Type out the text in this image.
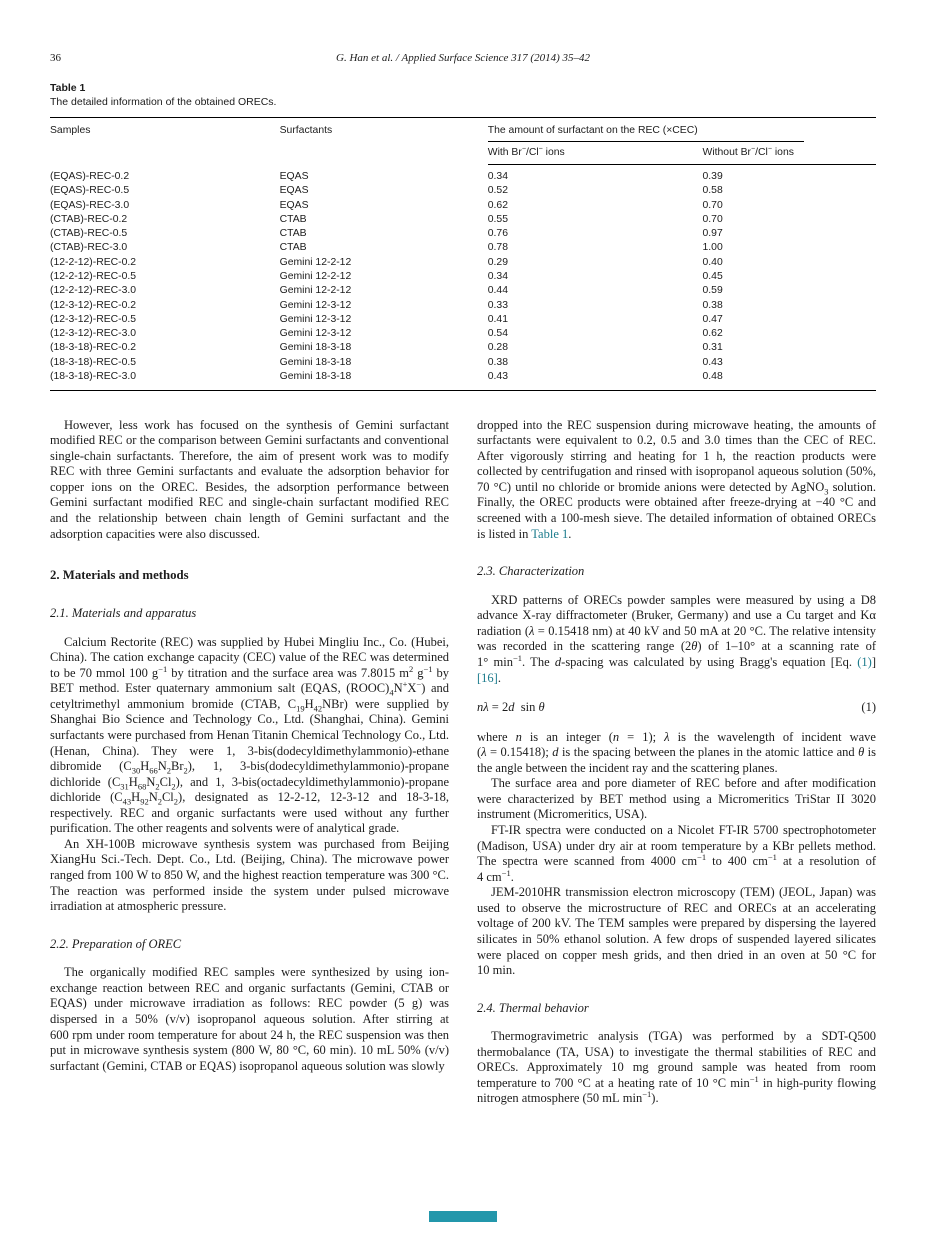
36	G. Han et al. / Applied Surface Science 317 (2014) 35–42
Table 1
The detailed information of the obtained ORECs.
Samples	Surfactants	The amount of surfactant on the REC (×CEC)	

		With Br−/Cl− ions	Without Br−/Cl− ions
(EQAS)-REC-0.2	EQAS	0.34	0.39
(EQAS)-REC-0.5	EQAS	0.52	0.58
(EQAS)-REC-3.0	EQAS	0.62	0.70
(CTAB)-REC-0.2	CTAB	0.55	0.70
(CTAB)-REC-0.5	CTAB	0.76	0.97
(CTAB)-REC-3.0	CTAB	0.78	1.00
(12-2-12)-REC-0.2	Gemini 12-2-12	0.29	0.40
(12-2-12)-REC-0.5	Gemini 12-2-12	0.34	0.45
(12-2-12)-REC-3.0	Gemini 12-2-12	0.44	0.59
(12-3-12)-REC-0.2	Gemini 12-3-12	0.33	0.38
(12-3-12)-REC-0.5	Gemini 12-3-12	0.41	0.47
(12-3-12)-REC-3.0	Gemini 12-3-12	0.54	0.62
(18-3-18)-REC-0.2	Gemini 18-3-18	0.28	0.31
(18-3-18)-REC-0.5	Gemini 18-3-18	0.38	0.43
(18-3-18)-REC-3.0	Gemini 18-3-18	0.43	0.48

However, less work has focused on the synthesis of Gemini surfactant modified REC or the comparison between Gemini surfactants and conventional single-chain surfactants. Therefore, the aim of present work was to modify REC with three Gemini surfactants and evaluate the adsorption behavior for copper ions on the OREC. Besides, the adsorption performance between Gemini surfactant modified REC and single-chain surfactant modified REC and the relationship between chain length of Gemini surfactant and the adsorption capacities were also discussed.

2. Materials and methods
2.1. Materials and apparatus

Calcium Rectorite (REC) was supplied by Hubei Mingliu Inc., Co. (Hubei, China). The cation exchange capacity (CEC) value of the REC was determined to be 70 mmol 100 $g^{-1}$ by titration and the surface area was 7.8015 $m^2$ $g^{-1}$ by BET method. Ester quaternary ammonium salt (EQAS, $(ROOC)_4N^+X^-$) and cetyltrimethyl ammonium bromide (CTAB, $C_{19}H_{42}NBr$) were supplied by Shanghai Bio Science and Technology Co., Ltd. (Shanghai, China). Gemini surfactants were purchased from Henan Titanin Chemical Technology Co., Ltd. (Henan, China). They were 1, 3-bis(dodecyldimethylammonio)-ethane dibromide $(C_{30}H_{66}N_2Br_2)$, 1, 3-bis(dodecyldimethylammonio)-propane dichloride $(C_{31}H_{68}N_2Cl_2)$, and 1, 3-bis(octadecyldimethylammonio)-propane dichloride $(C_{43}H_{92}N_2Cl_2)$, designated as 12-2-12, 12-3-12 and 18-3-18, respectively. REC and organic surfactants were used without any further purification. The other reagents and solvents were of analytical grade.

An XH-100B microwave synthesis system was purchased from Beijing XiangHu Sci.-Tech. Dept. Co., Ltd. (Beijing, China). The microwave power ranged from 100 W to 850 W, and the highest reaction temperature was 300 °C. The reaction was performed inside the system under pulsed microwave irradiation at atmospheric pressure.

2.2. Preparation of OREC

The organically modified REC samples were synthesized by using ion-exchange reaction between REC and organic surfactants (Gemini, CTAB or EQAS) under microwave irradiation as follows: REC powder (5 g) was dispersed in a 50% (v/v) isopropanol aqueous solution. After stirring at 600 rpm under room temperature for about 24 h, the REC suspension was then put in microwave synthesis system (800 W, 80 °C, 60 min). 10 mL 50% (v/v) surfactant (Gemini, CTAB or EQAS) isopropanol aqueous solution was slowly

dropped into the REC suspension during microwave heating, the amounts of surfactants were equivalent to 0.2, 0.5 and 3.0 times than the CEC of REC. After vigorously stirring and heating for 1 h, the reaction products were collected by centrifugation and rinsed with isopropanol aqueous solution (50%, 70 °C) until no chloride or bromide anions were detected by AgNO$_3$ solution. Finally, the OREC products were obtained after freeze-drying at −40 °C and screened with a 100-mesh sieve. The detailed information of obtained ORECs is listed in Table 1.

2.3. Characterization

XRD patterns of ORECs powder samples were measured by using a D8 advance X-ray diffractometer (Bruker, Germany) and use a Cu target and Kα radiation (λ = 0.15418 nm) at 40 kV and 50 mA at 20 °C. The relative intensity was recorded in the scattering range (2θ) of 1–10° at a scanning rate of 1° $\min^{-1}$. The d-spacing was calculated by using Bragg's equation [Eq. (1)][16].

nλ = 2d  sin θ	(1)

where n is an integer (n = 1); λ is the wavelength of incident wave (λ = 0.15418); d is the spacing between the planes in the atomic lattice and θ is the angle between the incident ray and the scattering planes.

The surface area and pore diameter of REC before and after modification were characterized by BET method using a Micromeritics TriStar II 3020 instrument (Micromeritics, USA).

FT-IR spectra were conducted on a Nicolet FT-IR 5700 spectrophotometer (Madison, USA) under dry air at room temperature by a KBr pellets method. The spectra were scanned from 4000 $cm^{-1}$ to 400 $cm^{-1}$ at a resolution of 4 $cm^{-1}$.

JEM-2010HR transmission electron microscopy (TEM) (JEOL, Japan) was used to observe the microstructure of REC and ORECs at an accelerating voltage of 200 kV. The TEM samples were prepared by dispersing the layered silicates in 50% ethanol solution. A few drops of suspended layered silicates were placed on copper mesh grids, and then dried in an oven at 50 °C for 10 min.

2.4. Thermal behavior

Thermogravimetric analysis (TGA) was performed by a SDT-Q500 thermobalance (TA, USA) to investigate the thermal stabilities of REC and ORECs. Approximately 10 mg ground sample was heated from room temperature to 700 °C at a heating rate of 10 °C $\min^{-1}$ in high-purity flowing nitrogen atmosphere (50 mL $\min^{-1}$).
